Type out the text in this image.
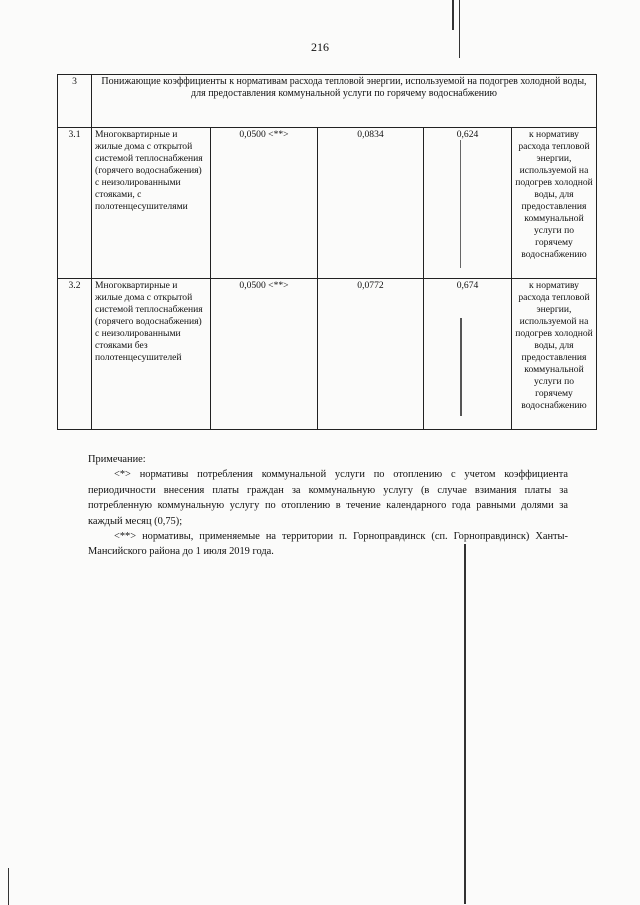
216
3	Понижающие коэффициенты к нормативам расхода тепловой энергии, используемой на подогрев холодной воды, для предоставления коммунальной услуги по горячему водоснабжению				
3.1	Многоквартирные и жилые дома с открытой системой теплоснабжения (горячего водоснабжения) с неизолированными стояками, с полотенцесушителями	0,0500 <**>	0,0834	0,624	к нормативу расхода тепловой энергии, используемой на подогрев холодной воды, для предоставления коммунальной услуги по горячему водоснабжению
3.2	Многоквартирные и жилые дома с открытой системой теплоснабжения (горячего водоснабжения) с неизолированными стояками без полотенцесушителей	0,0500 <**>	0,0772	0,674	к нормативу расхода тепловой энергии, используемой на подогрев холодной воды, для предоставления коммунальной услуги по горячему водоснабжению

Примечание:

<*> нормативы потребления коммунальной услуги по отоплению с учетом коэффициента периодичности внесения платы граждан за коммунальную услугу (в случае взимания платы за потребленную коммунальную услугу по отоплению в течение календарного года равными долями за каждый месяц (0,75);

<**> нормативы, применяемые на территории п. Горноправдинск (сп. Горноправдинск) Ханты-Мансийского района до 1 июля 2019 года.
